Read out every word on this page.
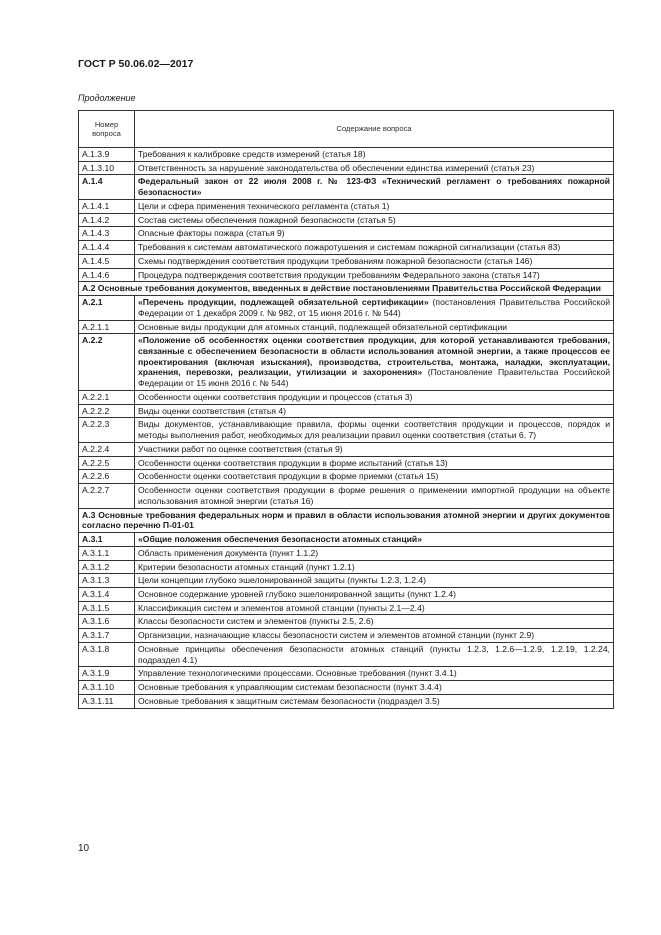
ГОСТ Р 50.06.02—2017
Продолжение
Номер вопроса	Содержание вопроса
А.1.3.9	Требования к калибровке средств измерений (статья 18)
А.1.3.10	Ответственность за нарушение законодательства об обеспечении единства измерений (статья 23)
А.1.4	Федеральный закон от 22 июля 2008 г. № 123-ФЗ «Технический регламент о требованиях пожарной безопасности»
А.1.4.1	Цели и сфера применения технического регламента (статья 1)
А.1.4.2	Состав системы обеспечения пожарной безопасности (статья 5)
А.1.4.3	Опасные факторы пожара (статья 9)
А.1.4.4	Требования к системам автоматического пожаротушения и системам пожарной сигнализации (статья 83)
А.1.4.5	Схемы подтверждения соответствия продукции требованиям пожарной безопасности (статья 146)
А.1.4.6	Процедура подтверждения соответствия продукции требованиям Федерального закона (статья 147)
А.2 Основные требования документов, введенных в действие постановлениями Правительства Российской Федерации	
А.2.1	«Перечень продукции, подлежащей обязательной сертификации» (постановления Правительства Российской Федерации от 1 декабря 2009 г. № 982, от 15 июня 2016 г. № 544)
А.2.1.1	Основные виды продукции для атомных станций, подлежащей обязательной сертификации
А.2.2	«Положение об особенностях оценки соответствия продукции, для которой устанавливаются требования, связанные с обеспечением безопасности в области использования атомной энергии, а также процессов ее проектирования (включая изыскания), производства, строительства, монтажа, наладки, эксплуатации, хранения, перевозки, реализации, утилизации и захоронения» (Постановление Правительства Российской Федерации от 15 июня 2016 г. № 544)
А.2.2.1	Особенности оценки соответствия продукции и процессов (статья 3)
А.2.2.2	Виды оценки соответствия (статья 4)
А.2.2.3	Виды документов, устанавливающие правила, формы оценки соответствия продукции и процессов, порядок и методы выполнения работ, необходимых для реализации правил оценки соответствия (статьи 6, 7)
А.2.2.4	Участники работ по оценке соответствия (статья 9)
А.2.2.5	Особенности оценки соответствия продукции в форме испытаний (статья 13)
А.2.2.6	Особенности оценки соответствия продукции в форме приемки (статья 15)
А.2.2.7	Особенности оценки соответствия продукции в форме решения о применении импортной продукции на объекте использования атомной энергии (статья 16)
А.3 Основные требования федеральных норм и правил в области использования атомной энергии и других документов согласно перечню П-01-01	
А.3.1	«Общие положения обеспечения безопасности атомных станций»
А.3.1.1	Область применения документа (пункт 1.1.2)
А.3.1.2	Критерии безопасности атомных станций (пункт 1.2.1)
А.3.1.3	Цели концепции глубоко эшелонированной защиты (пункты 1.2.3, 1.2.4)
А.3.1.4	Основное содержание уровней глубоко эшелонированной защиты (пункт 1.2.4)
А.3.1.5	Классификация систем и элементов атомной станции (пункты 2.1—2.4)
А.3.1.6	Классы безопасности систем и элементов (пункты 2.5, 2.6)
А.3.1.7	Организации, назначающие классы безопасности систем и элементов атомной станции (пункт 2.9)
А.3.1.8	Основные принципы обеспечения безопасности атомных станций (пункты 1.2.3, 1.2.6—1.2.9, 1.2.19, 1.2.24, подраздел 4.1)
А.3.1.9	Управление технологическими процессами. Основные требования (пункт 3.4.1)
А.3.1.10	Основные требования к управляющим системам безопасности (пункт 3.4.4)
А.3.1.11	Основные требования к защитным системам безопасности (подраздел 3.5)
10
